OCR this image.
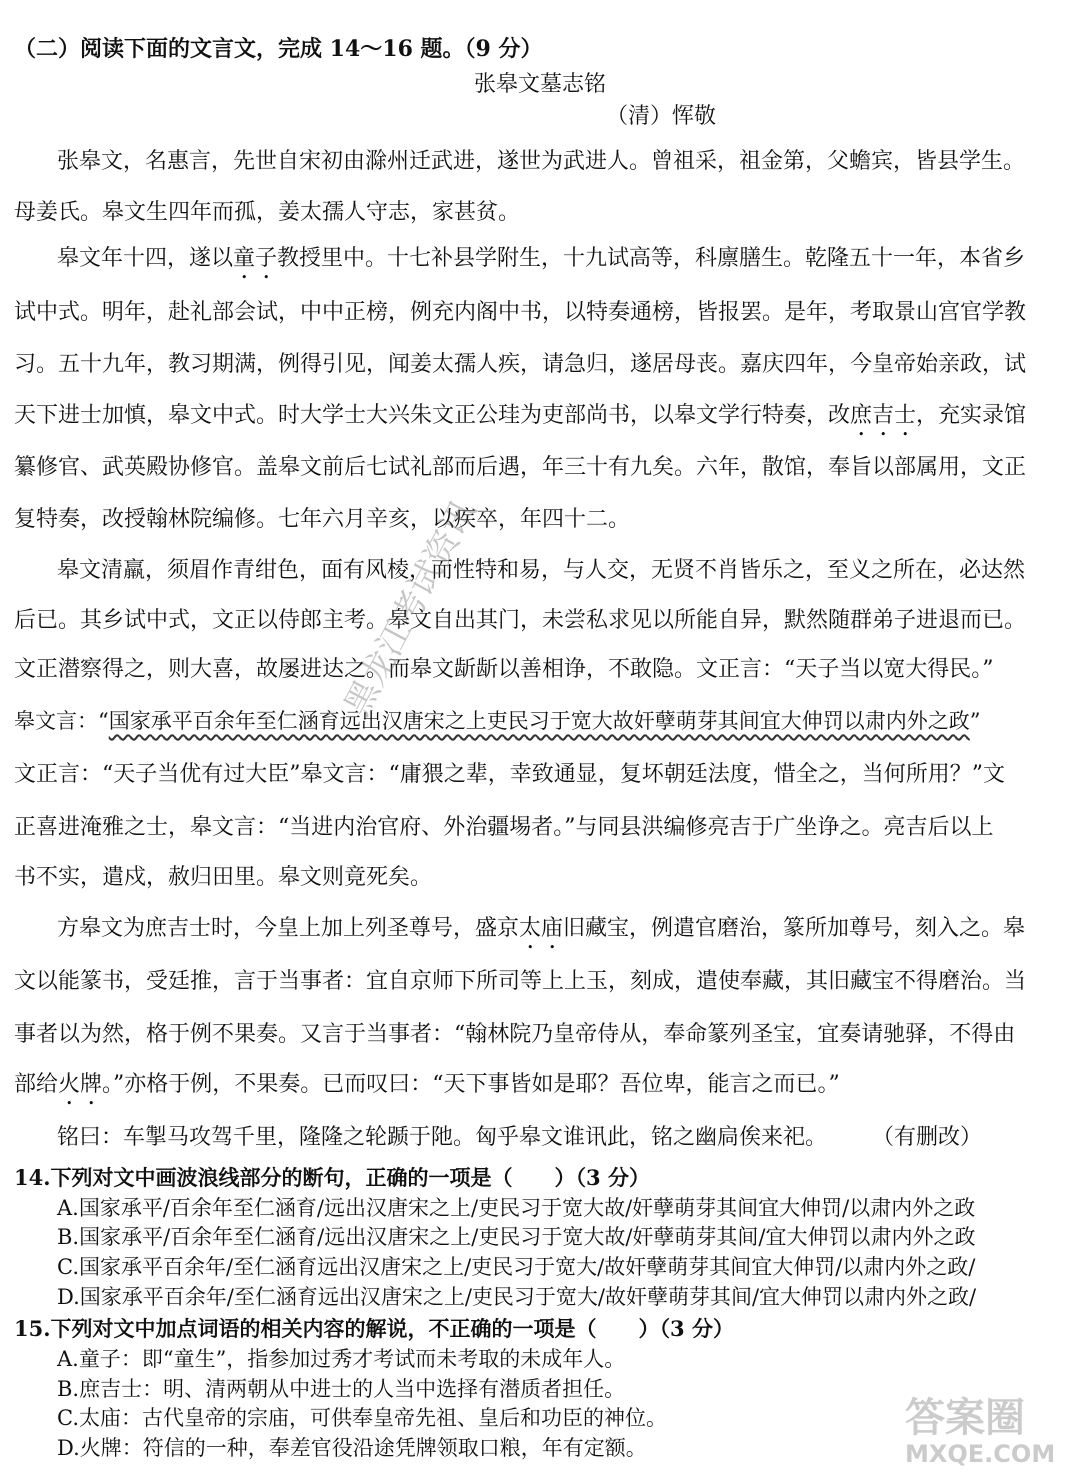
（二）阅读下面的文言文，完成 14～16 题。（9 分）
张皋文墓志铭
（清）恽敬
张皋文，名惠言，先世自宋初由滁州迁武进，遂世为武进人。曾祖采，祖金第，父蟾宾，皆县学生。
母姜氏。皋文生四年而孤，姜太孺人守志，家甚贫。
皋文年十四，遂以童子教授里中。十七补县学附生，十九试高等，科廪膳生。乾隆五十一年，本省乡
试中式。明年，赴礼部会试，中中正榜，例充内阁中书，以特奏通榜，皆报罢。是年，考取景山宫官学教
习。五十九年，教习期满，例得引见，闻姜太孺人疾，请急归，遂居母丧。嘉庆四年，今皇帝始亲政，试
天下进士加慎，皋文中式。时大学士大兴朱文正公珪为吏部尚书，以皋文学行特奏，改庶吉士，充实录馆
纂修官、武英殿协修官。盖皋文前后七试礼部而后遇，年三十有九矣。六年，散馆，奉旨以部属用，文正
复特奏，改授翰林院编修。七年六月辛亥，以疾卒，年四十二。
皋文清羸，须眉作青绀色，面有风棱，而性特和易，与人交，无贤不肖皆乐之，至义之所在，必达然
后已。其乡试中式，文正以侍郎主考。皋文自出其门，未尝私求见以所能自异，默然随群弟子进退而已。
文正潜察得之，则大喜，故屡进达之。而皋文龂龂以善相诤，不敢隐。文正言：“天子当以宽大得民。”
皋文言：“国家承平百余年至仁涵育远出汉唐宋之上吏民习于宽大故奸孽萌芽其间宜大伸罚以肃内外之政”
文正言：“天子当优有过大臣”皋文言：“庸猥之辈，幸致通显，复坏朝廷法度，惜全之，当何所用？”文
正喜进淹雅之士，皋文言：“当进内治官府、外治疆埸者。”与同县洪编修亮吉于广坐诤之。亮吉后以上
书不实，遣戍，赦归田里。皋文则竟死矣。
方皋文为庶吉士时，今皇上加上列圣尊号，盛京太庙旧藏宝，例遣官磨治，篆所加尊号，刻入之。皋
文以能篆书，受廷推，言于当事者：宜自京师下所司等上上玉，刻成，遣使奉藏，其旧藏宝不得磨治。当
事者以为然，格于例不果奏。又言于当事者：“翰林院乃皇帝侍从，奉命篆列圣宝，宜奏请驰驿，不得由
部给火牌。”亦格于例，不果奏。已而叹曰：“天下事皆如是耶？吾位卑，能言之而已。”
铭曰：车掣马攻驾千里，隆隆之轮踬于阤。匈乎皋文谁讯此，铭之幽扃俟来祀。 （有删改）
14.下列对文中画波浪线部分的断句，正确的一项是（　　）（3 分）
A.国家承平/百余年至仁涵育/远出汉唐宋之上/吏民习于宽大故/奸孽萌芽其间宜大伸罚/以肃内外之政
B.国家承平/百余年至仁涵育/远出汉唐宋之上/吏民习于宽大故/奸孽萌芽其间/宜大伸罚以肃内外之政
C.国家承平百余年/至仁涵育远出汉唐宋之上/吏民习于宽大/故奸孽萌芽其间宜大伸罚/以肃内外之政/
D.国家承平百余年/至仁涵育远出汉唐宋之上/吏民习于宽大/故奸孽萌芽其间/宜大伸罚以肃内外之政/
15.下列对文中加点词语的相关内容的解说，不正确的一项是（　　）（3 分）
A.童子：即“童生”，指参加过秀才考试而未考取的未成年人。
B.庶吉士：明、清两朝从中进士的人当中选择有潜质者担任。
C.太庙：古代皇帝的宗庙，可供奉皇帝先祖、皇后和功臣的神位。
D.火牌：符信的一种，奉差官役沿途凭牌领取口粮，年有定额。
黑龙江考试资讯
答案圈
MXQE.COM
